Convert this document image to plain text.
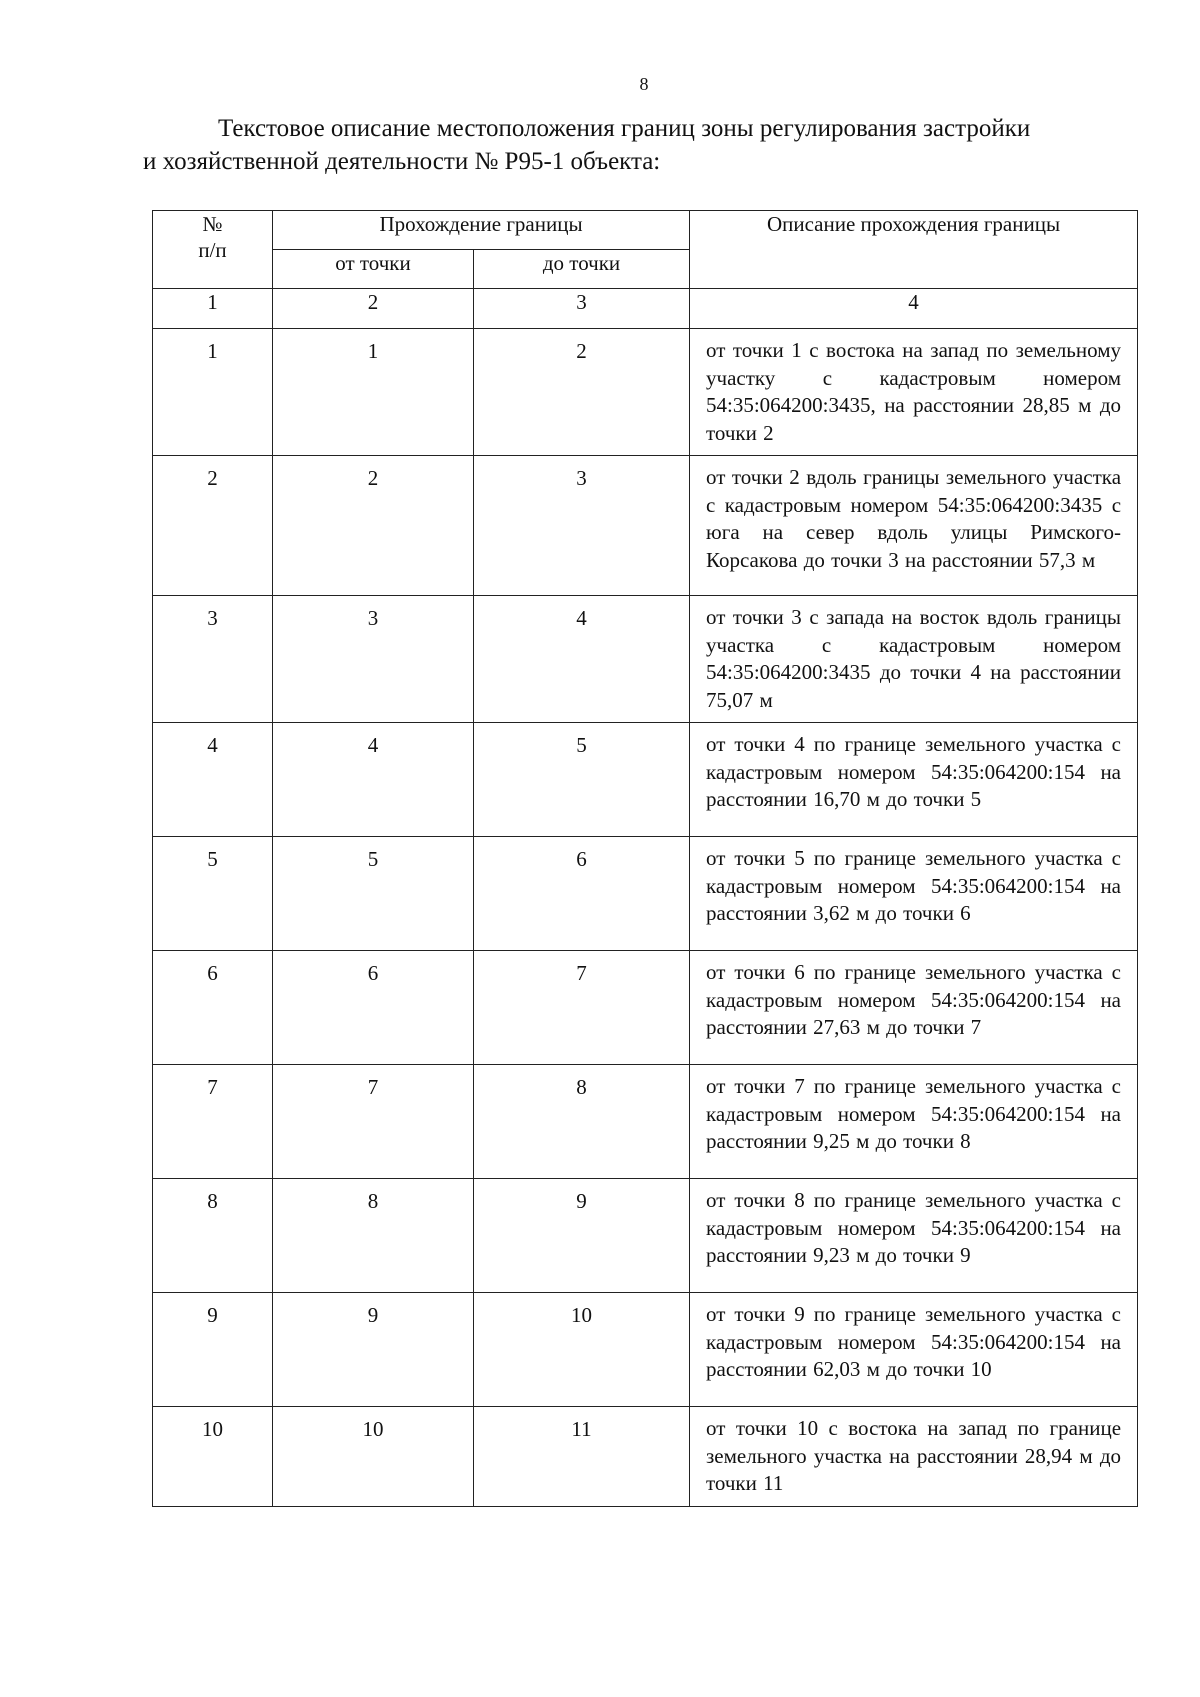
8
Текстовое описание местоположения границ зоны регулирования застройки
и хозяйственной деятельности № Р95-1 объекта:
№
п/п	Прохождение границы		Описание прохождения границы
	от точки	до точки	
1	2	3	4
1	1	2	от точки 1 с востока на запад по земельному участку с кадастровым номером 54:35:064200:3435, на расстоянии 28,85 м до точки 2
2	2	3	от точки 2 вдоль границы земельного участка с кадастровым номером 54:35:064200:3435 с юга на север вдоль улицы Римского-Корсакова до точки 3 на расстоянии 57,3 м
3	3	4	от точки 3 с запада на восток вдоль границы участка с кадастровым номером 54:35:064200:3435 до точки 4 на расстоянии 75,07 м
4	4	5	от точки 4 по границе земельного участка с кадастровым номером 54:35:064200:154 на расстоянии 16,70 м до точки 5
5	5	6	от точки 5 по границе земельного участка с кадастровым номером 54:35:064200:154 на расстоянии 3,62 м до точки 6
6	6	7	от точки 6 по границе земельного участка с кадастровым номером 54:35:064200:154 на расстоянии 27,63 м до точки 7
7	7	8	от точки 7 по границе земельного участка с кадастровым номером 54:35:064200:154 на расстоянии 9,25 м до точки 8
8	8	9	от точки 8 по границе земельного участка с кадастровым номером 54:35:064200:154 на расстоянии 9,23 м до точки 9
9	9	10	от точки 9 по границе земельного участка с кадастровым номером 54:35:064200:154 на расстоянии 62,03 м до точки 10
10	10	11	от точки 10 с востока на запад по границе земельного участка на расстоянии 28,94 м до точки 11
